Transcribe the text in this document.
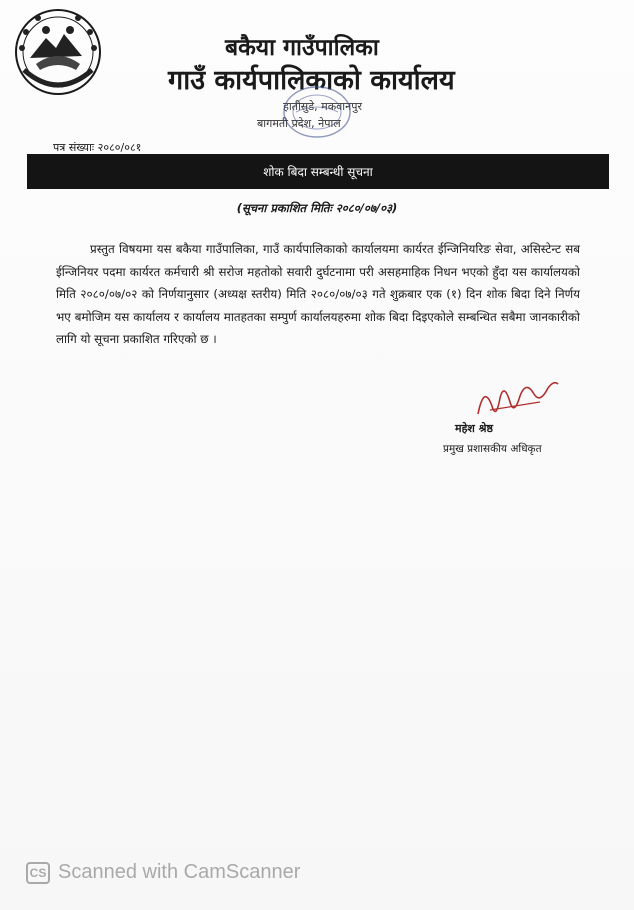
बकैया गाउँपालिका
गाउँ कार्यपालिकाको कार्यालय
हातीसुडे, मकवानपुर
बागमती प्रदेश, नेपाल
पत्र संख्याः २०८०/०८१
शोक बिदा सम्बन्धी सूचना
(सूचना प्रकाशित मितिः २०८०/०७/०३)

प्रस्तुत विषयमा यस बकैया गाउँपालिका, गाउँ कार्यपालिकाको कार्यालयमा कार्यरत ईन्जिनियरिङ सेवा, असिस्टेन्ट सब ईन्जिनियर पदमा कार्यरत कर्मचारी श्री सरोज महतोको सवारी दुर्घटनामा परी असहमाहिक निधन भएको हुँदा यस कार्यालयको मिति २०८०/०७/०२ को निर्णयानुसार (अध्यक्ष स्तरीय) मिति २०८०/०७/०३ गते शुक्रबार एक (१) दिन शोक बिदा दिने निर्णय भए बमोजिम यस कार्यालय र कार्यालय मातहतका सम्पुर्ण कार्यालयहरुमा शोक बिदा दिइएकोले सम्बन्धित सबैमा जानकारीको लागि यो सूचना प्रकाशित गरिएको छ ।

महेश श्रेष्ठ
प्रमुख प्रशासकीय अधिकृत
CS Scanned with CamScanner
